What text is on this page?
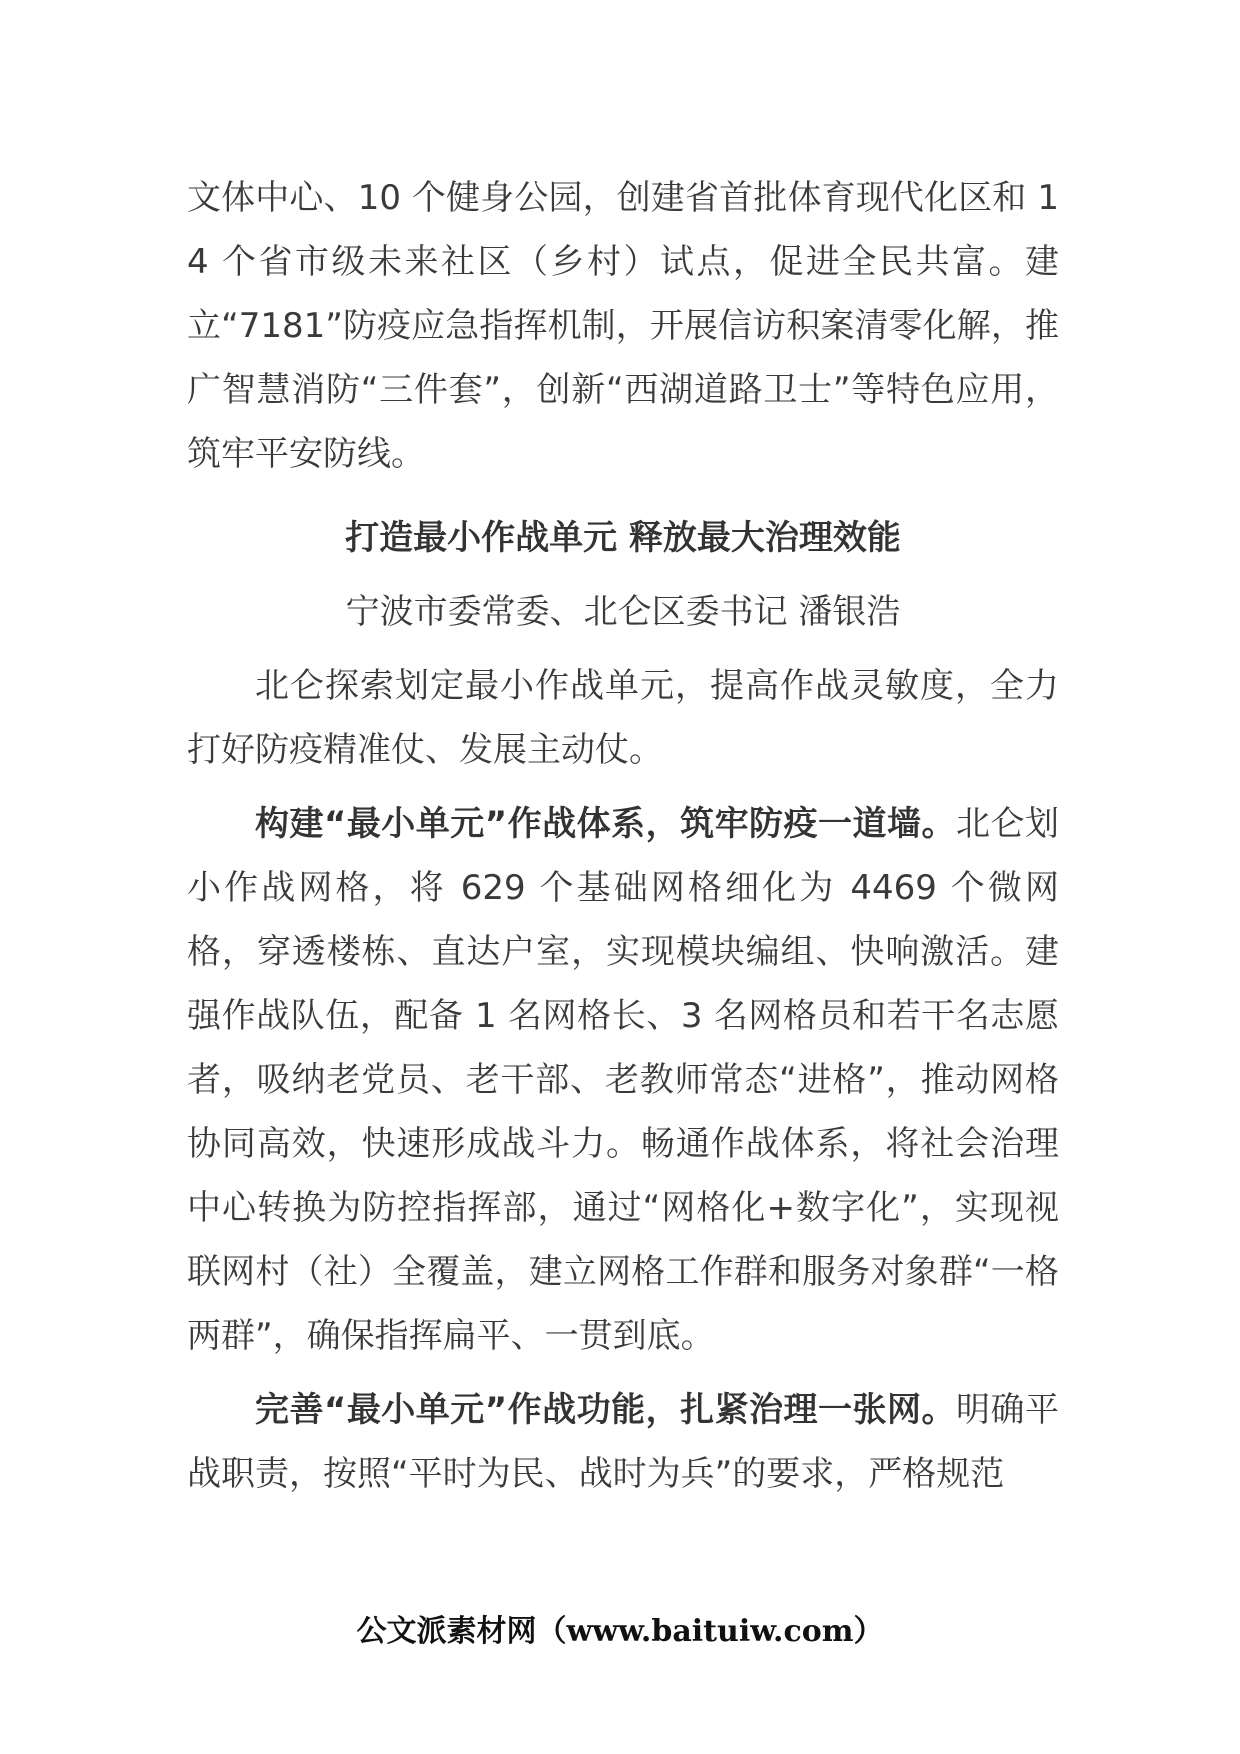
文体中心、10 个健身公园，创建省首批体育现代化区和 14 个省市级未来社区（乡村）试点，促进全民共富。建立“7181”防疫应急指挥机制，开展信访积案清零化解，推广智慧消防“三件套”，创新“西湖道路卫士”等特色应用，筑牢平安防线。

打造最小作战单元 释放最大治理效能

宁波市委常委、北仑区委书记 潘银浩

北仑探索划定最小作战单元，提高作战灵敏度，全力打好防疫精准仗、发展主动仗。

构建“最小单元”作战体系，筑牢防疫一道墙。北仑划小作战网格，将 629 个基础网格细化为 4469 个微网格，穿透楼栋、直达户室，实现模块编组、快响激活。建强作战队伍，配备 1 名网格长、3 名网格员和若干名志愿者，吸纳老党员、老干部、老教师常态“进格”，推动网格协同高效，快速形成战斗力。畅通作战体系，将社会治理中心转换为防控指挥部，通过“网格化+数字化”，实现视联网村（社）全覆盖，建立网格工作群和服务对象群“一格两群”，确保指挥扁平、一贯到底。

完善“最小单元”作战功能，扎紧治理一张网。明确平战职责，按照“平时为民、战时为兵”的要求，严格规范

公文派素材网（www.baituiw.com）
